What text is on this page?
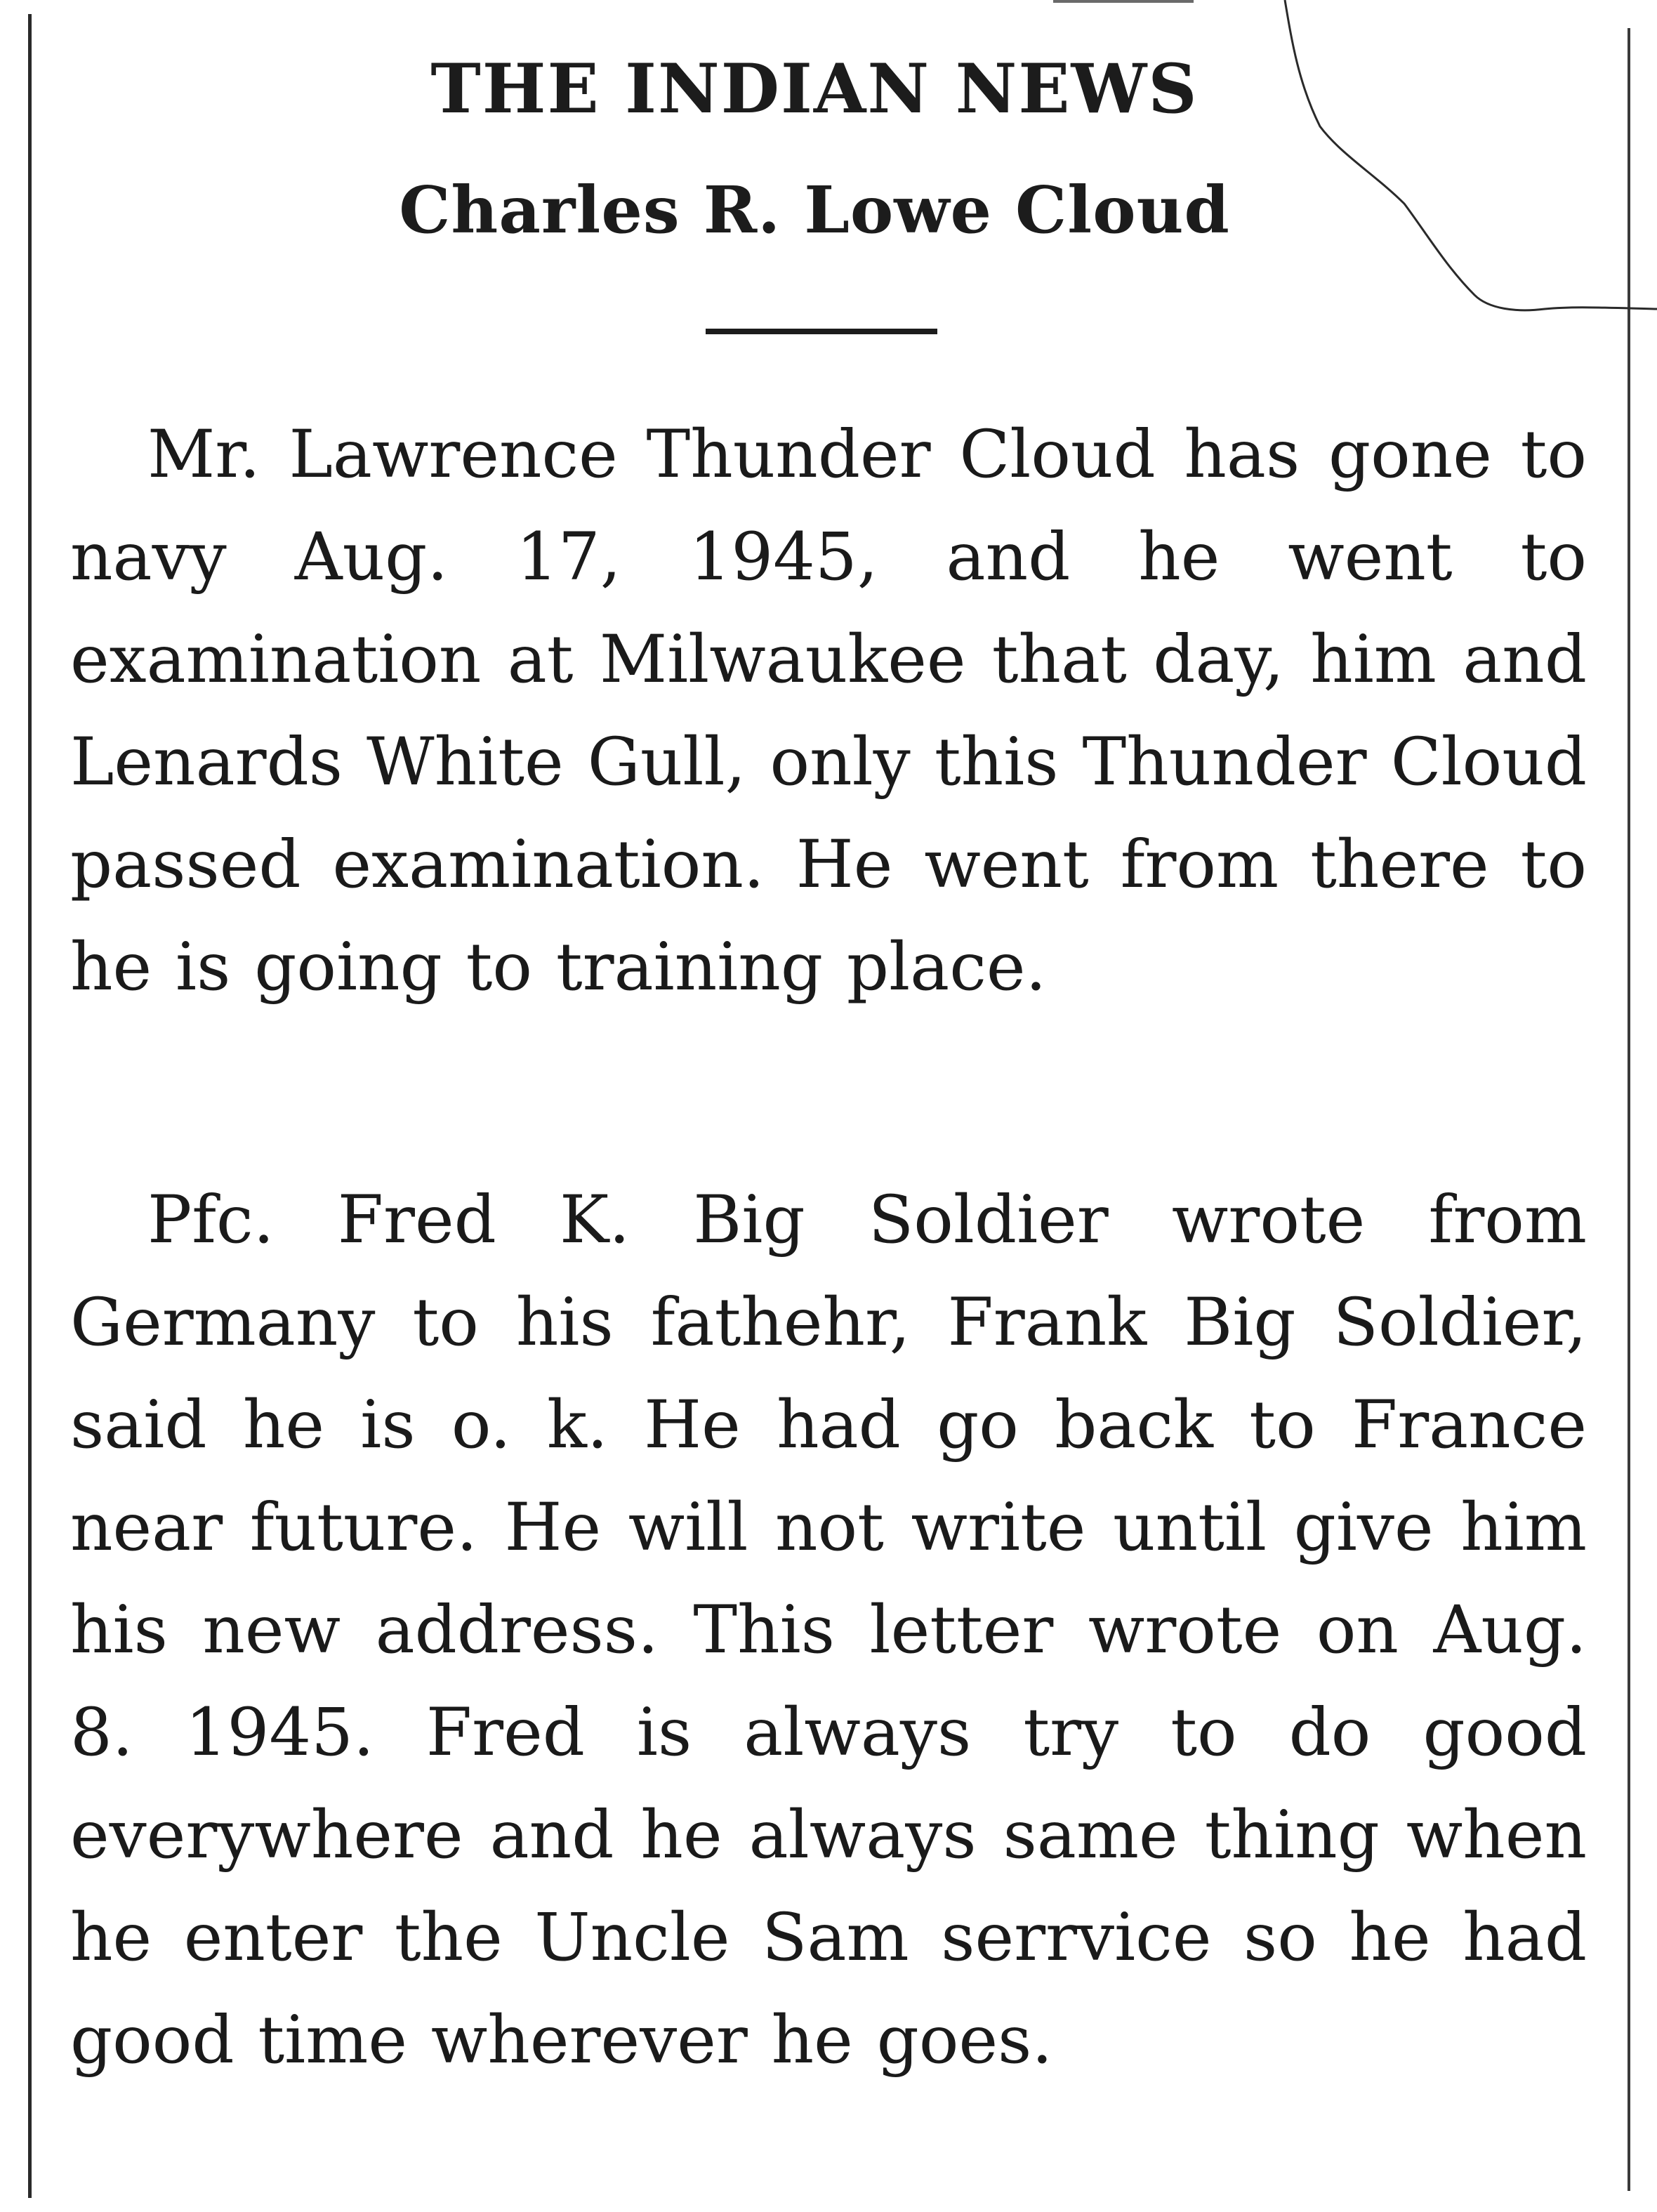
THE INDIAN NEWS
Charles R. Lowe Cloud

Mr. Lawrence Thunder Cloud has gone to navy Aug. 17, 1945, and he went to examination at Milwaukee that day, him and Lenards White Gull, only this Thunder Cloud passed examination. He went from there to he is going to training place.

Pfc. Fred K. Big Soldier wrote from Germany to his fathehr, Frank Big Soldier, said he is o. k. He had go back to France near future. He will not write until give him his new address. This letter wrote on Aug. 8. 1945. Fred is always try to do good everywhere and he always same thing when he enter the Uncle Sam serrvice so he had good time wherever he goes.
